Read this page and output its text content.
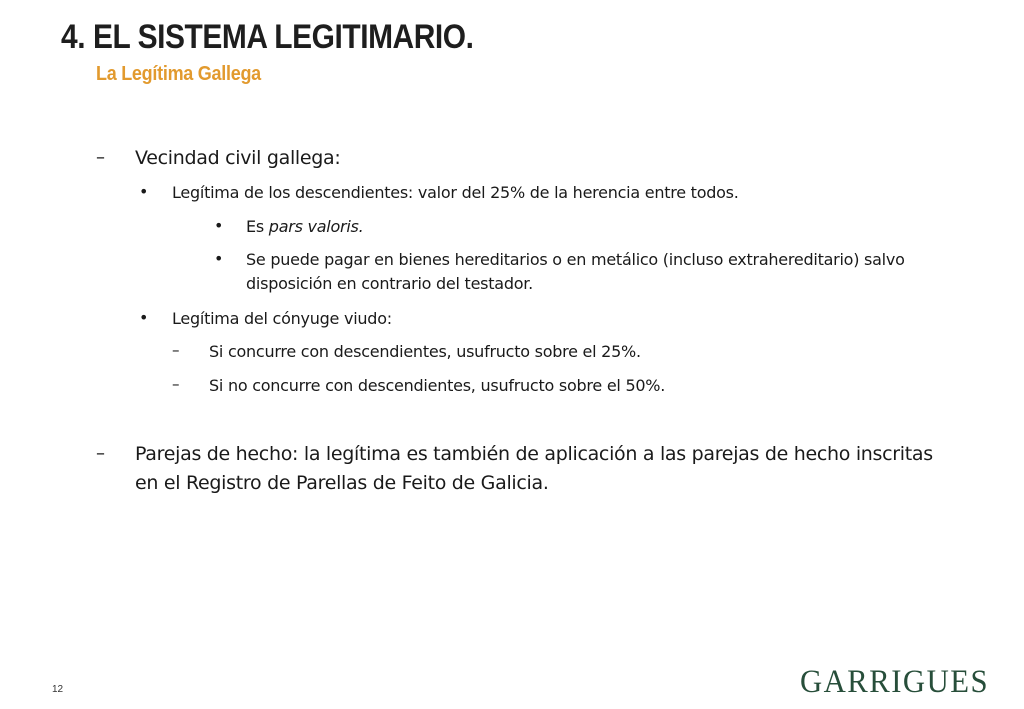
4. EL SISTEMA LEGITIMARIO.
La Legítima Gallega
– Vecindad civil gallega:
• Legítima de los descendientes: valor del 25% de la herencia entre todos.
• Es pars valoris.
• Se puede pagar en bienes hereditarios o en metálico (incluso extrahereditario) salvo
disposición en contrario del testador.
• Legítima del cónyuge viudo:
– Si concurre con descendientes, usufructo sobre el 25%.
– Si no concurre con descendientes, usufructo sobre el 50%.
– Parejas de hecho: la legítima es también de aplicación a las parejas de hecho inscritas
en el Registro de Parellas de Feito de Galicia.
12	GARRIGUES
